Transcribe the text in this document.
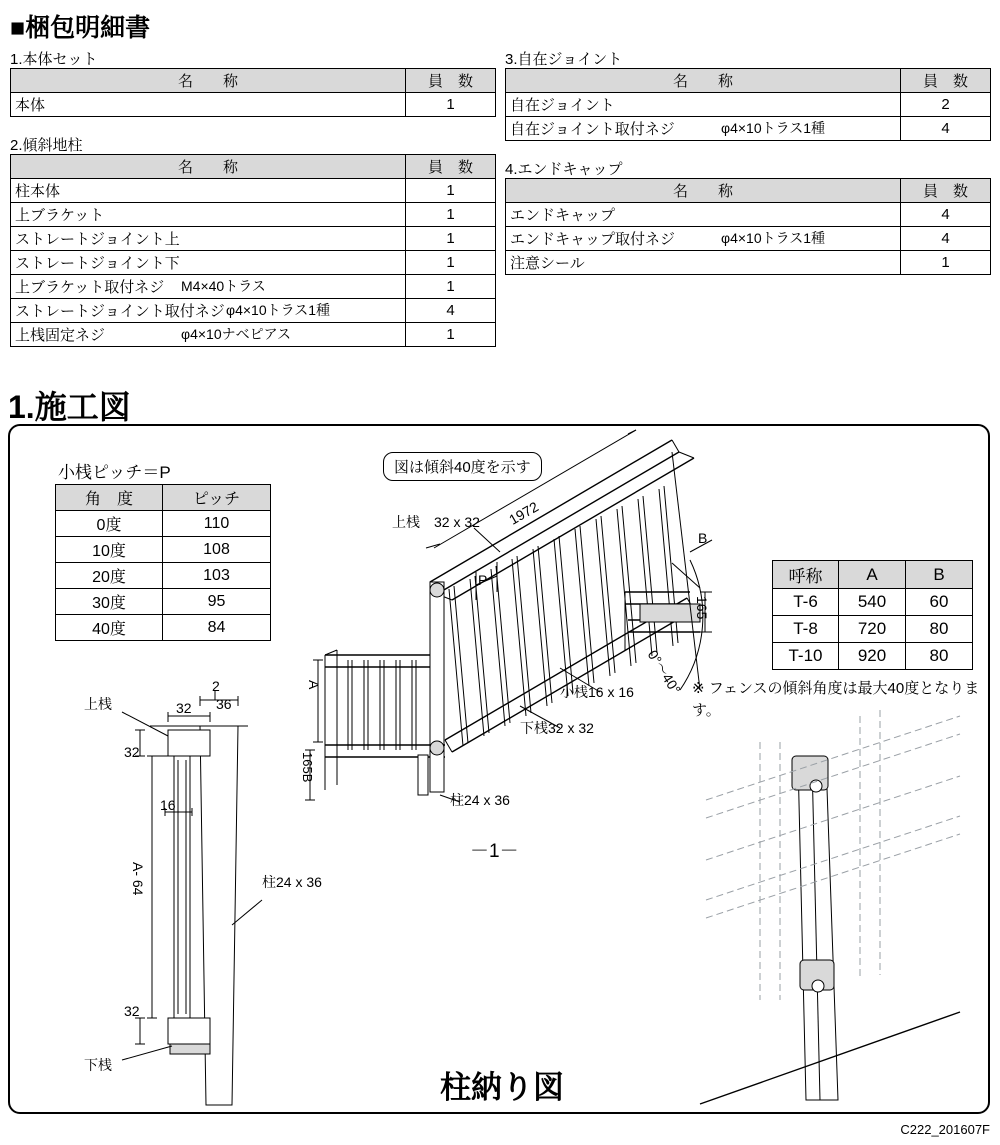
■梱包明細書
1.本体セット
2.傾斜地柱
3.自在ジョイント
4.エンドキャップ
名　　称	員　数
本体	1
名　　称	員　数
柱本体	1
上ブラケット	1
ストレートジョイント上	1
ストレートジョイント下	1
上ブラケット取付ネジ M4×40トラス	1
ストレートジョイント取付ネジ φ4×10トラス1種	4
上桟固定ネジ φ4×10ナベピアス	1
名　　称	員　数
自在ジョイント	2
自在ジョイント取付ネジ φ4×10トラス1種	4
名　　称	員　数
エンドキャップ	4
エンドキャップ取付ネジ φ4×10トラス1種	4
注意シール	1
1.施工図
小桟ピッチ＝P
角　度	ピッチ
0度	110
10度	108
20度	103
30度	95
40度	84
呼称	A	B
T-6	540	60
T-8	720	80
T-10	920	80
※ フェンスの傾斜角度は最大40度となります。
図は傾斜40度を示す
上桟　32 x 32 1972
P
B
165
小桟16 x 16
下桟32 x 32
0°～40°
柱24 x 36
A
165B
上桟
下桟
32 36
2
32
16
A- 64
32
柱24 x 36
－1－
柱納り図
C222_201607F
